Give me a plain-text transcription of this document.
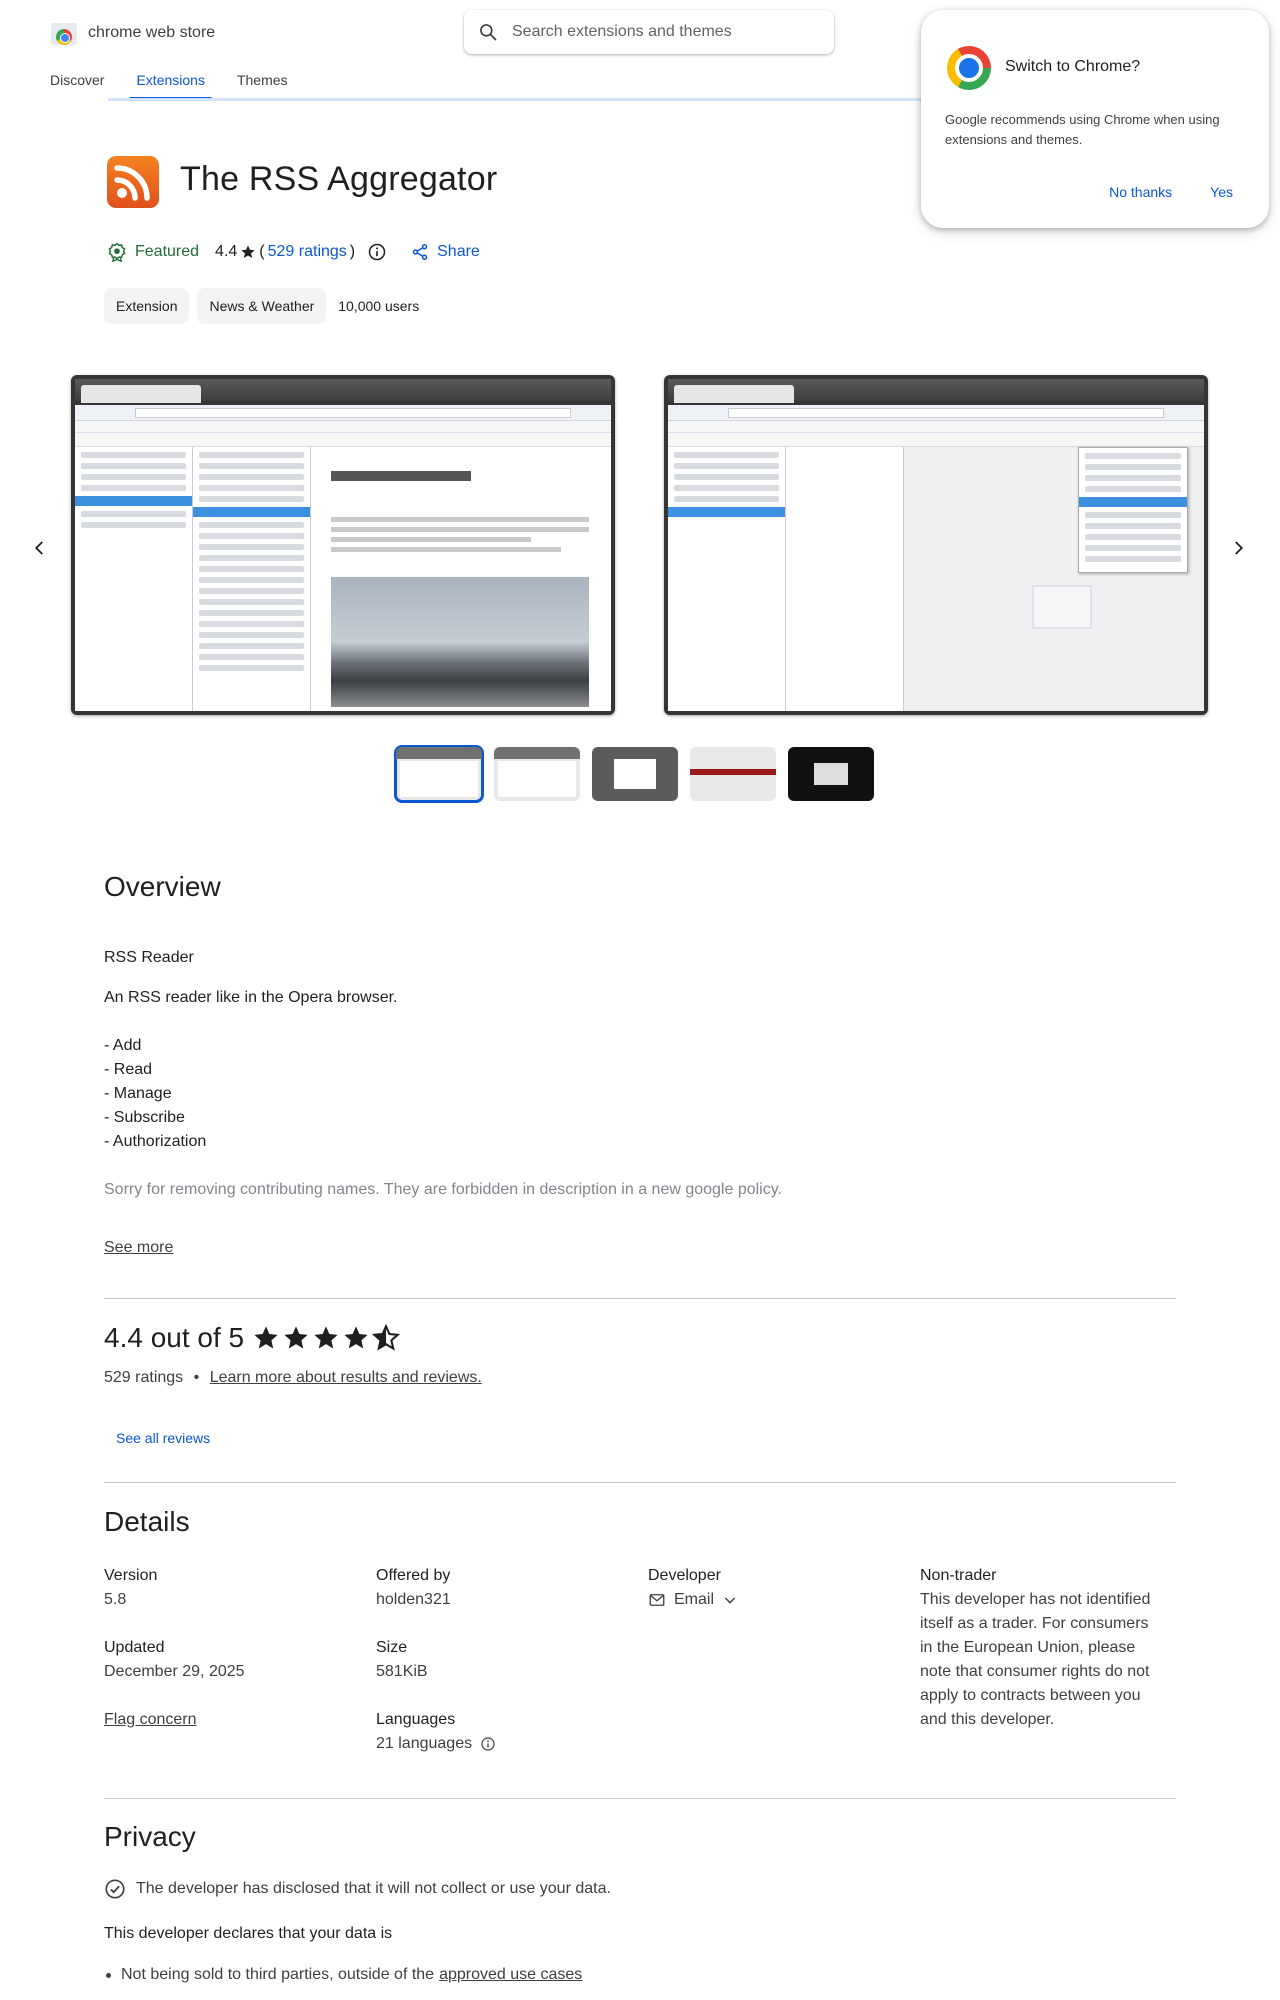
chrome web store
Search extensions and themes
Discover Extensions Themes
Switch to Chrome?
Google recommends using Chrome when using extensions and themes.
No thanks	Yes
The RSS Aggregator
Featured 4.4 ( 529 ratings )	Share
Extension	News & Weather	10,000 users
Overview

RSS Reader

An RSS reader like in the Opera browser.

- Add

- Read

- Manage

- Subscribe

- Authorization

Sorry for removing contributing names. They are forbidden in description in a new google policy.

See more
4.4 out of 5
529 ratings • Learn more about results and reviews.
See all reviews
Details
Version
5.8
Updated
December 29, 2025
Flag concern
Offered by
holden321
Size
581KiB
Languages
21 languages
Developer
Email
Non-trader
This developer has not identified itself as a trader. For consumers in the European Union, please note that consumer rights do not apply to contracts between you and this developer.
Privacy
The developer has disclosed that it will not collect or use your data.
This developer declares that your data is
Not being sold to third parties, outside of the approved use cases
